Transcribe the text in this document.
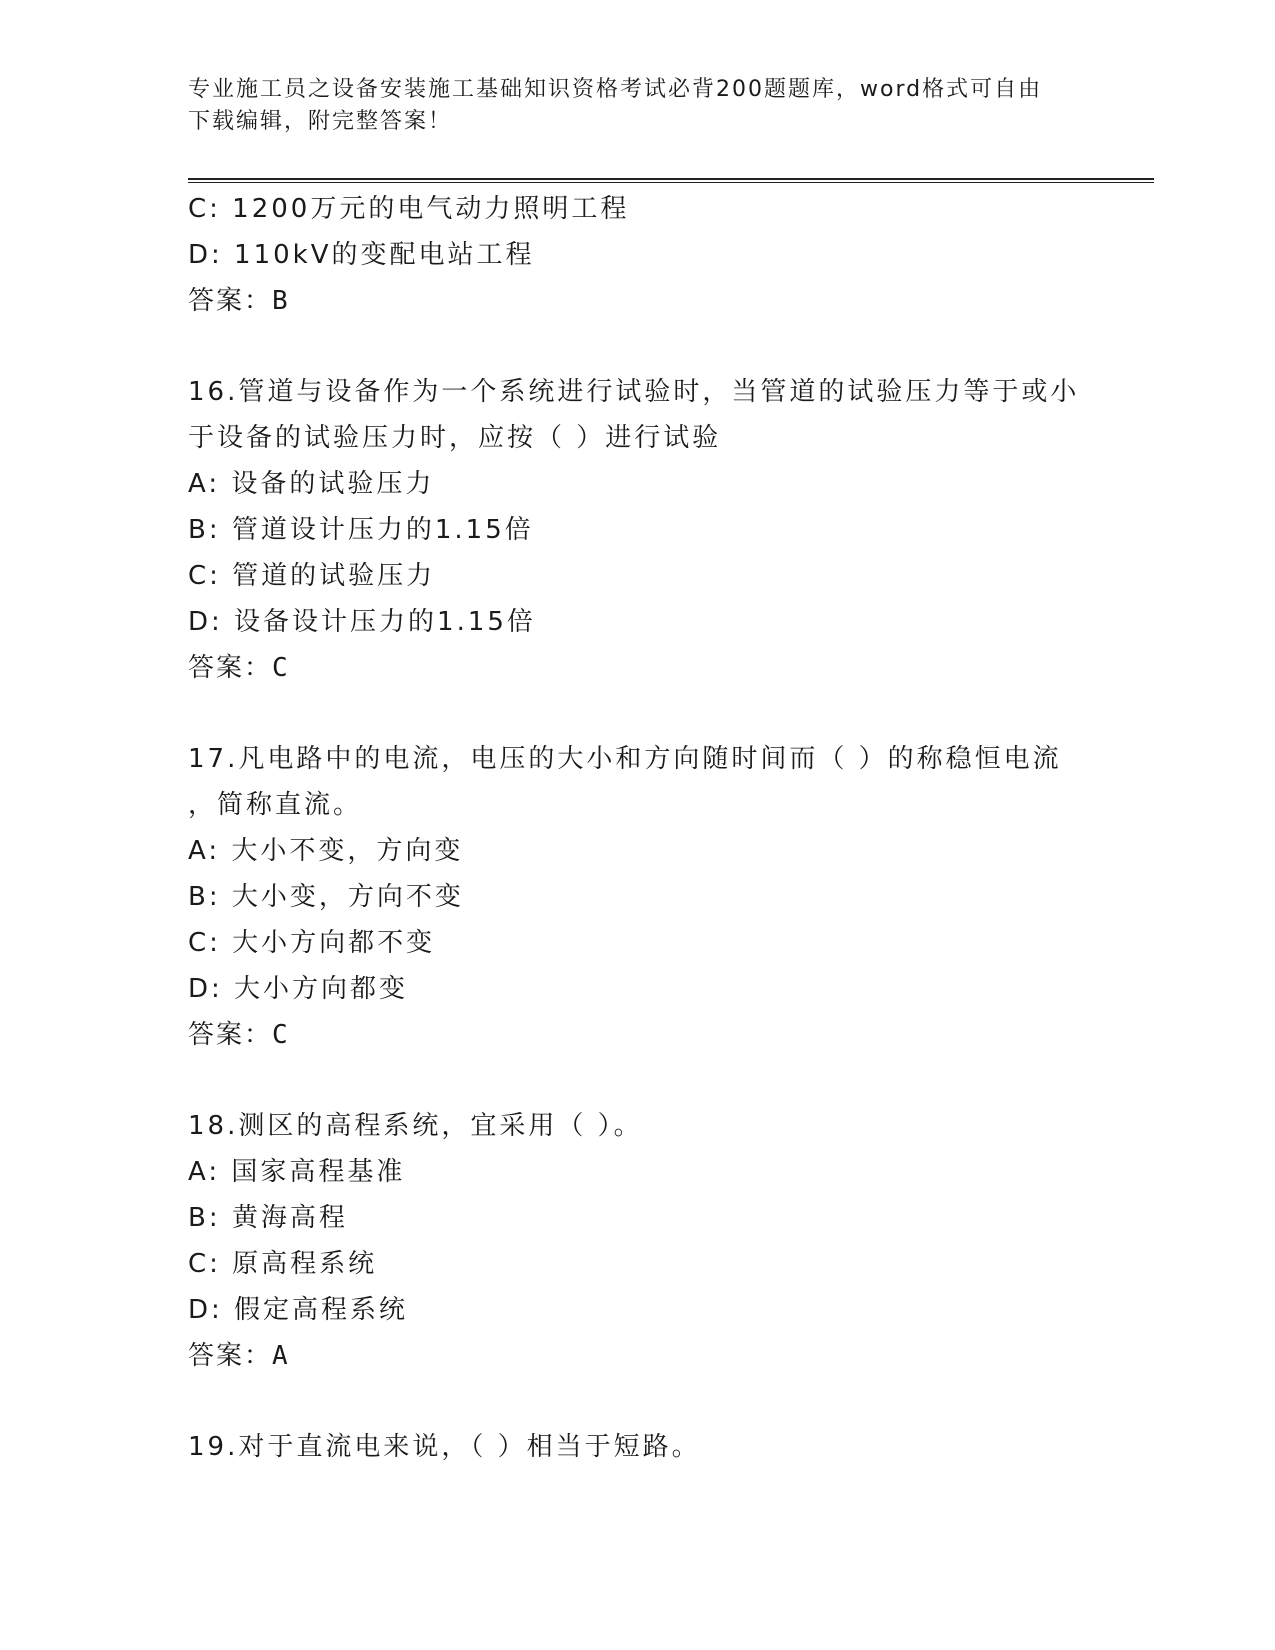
专业施工员之设备安装施工基础知识资格考试必背200题题库，word格式可自由
下载编辑，附完整答案！
C: 1200万元的电气动力照明工程
D: 110kV的变配电站工程
答案：B
16.管道与设备作为一个系统进行试验时，当管道的试验压力等于或小
于设备的试验压力时，应按（ ）进行试验
A: 设备的试验压力
B: 管道设计压力的1.15倍
C: 管道的试验压力
D: 设备设计压力的1.15倍
答案：C
17.凡电路中的电流，电压的大小和方向随时间而（ ）的称稳恒电流
，简称直流。
A: 大小不变，方向变
B: 大小变，方向不变
C: 大小方向都不变
D: 大小方向都变
答案：C
18.测区的高程系统，宜采用（ ）。
A: 国家高程基准
B: 黄海高程
C: 原高程系统
D: 假定高程系统
答案：A
19.对于直流电来说，（ ）相当于短路。
